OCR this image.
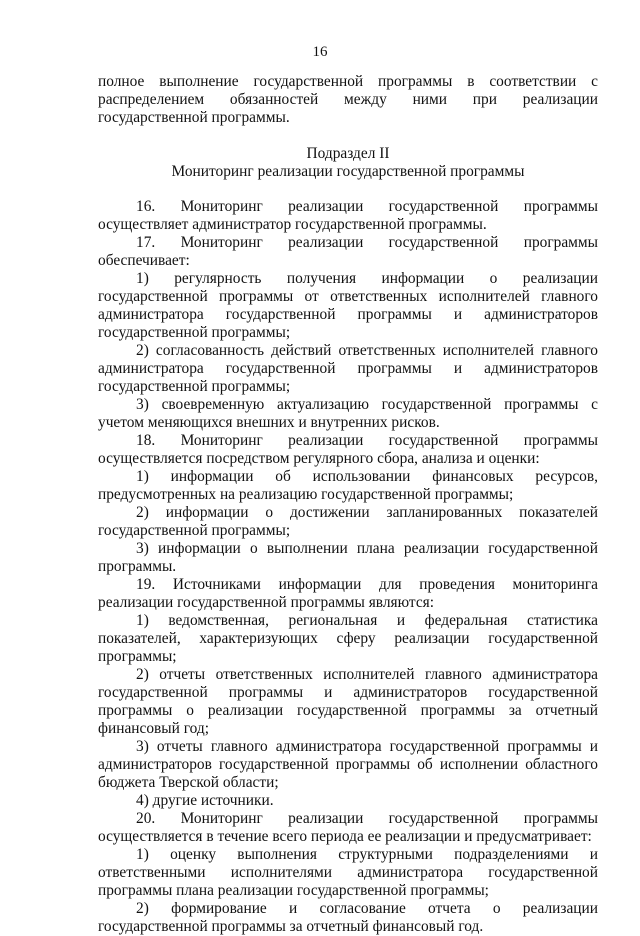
16

полное выполнение государственной программы в соответствии с распределением обязанностей между ними при реализации государственной программы.

Подраздел II

Мониторинг реализации государственной программы

16. Мониторинг реализации государственной программы осуществляет администратор государственной программы.

17. Мониторинг реализации государственной программы обеспечивает:

1) регулярность получения информации о реализации государственной программы от ответственных исполнителей главного администратора государственной программы и администраторов государственной программы;

2) согласованность действий ответственных исполнителей главного администратора государственной программы и администраторов государственной программы;

3) своевременную актуализацию государственной программы с учетом меняющихся внешних и внутренних рисков.

18. Мониторинг реализации государственной программы осуществляется посредством регулярного сбора, анализа и оценки:

1) информации об использовании финансовых ресурсов, предусмотренных на реализацию государственной программы;

2) информации о достижении запланированных показателей государственной программы;

3) информации о выполнении плана реализации государственной программы.

19. Источниками информации для проведения мониторинга реализации государственной программы являются:

1) ведомственная, региональная и федеральная статистика показателей, характеризующих сферу реализации государственной программы;

2) отчеты ответственных исполнителей главного администратора государственной программы и администраторов государственной программы о реализации государственной программы за отчетный финансовый год;

3) отчеты главного администратора государственной программы и администраторов государственной программы об исполнении областного бюджета Тверской области;

4) другие источники.

20. Мониторинг реализации государственной программы осуществляется в течение всего периода ее реализации и предусматривает:

1) оценку выполнения структурными подразделениями и ответственными исполнителями администратора государственной программы плана реализации государственной программы;

2) формирование и согласование отчета о реализации государственной программы за отчетный финансовый год.
